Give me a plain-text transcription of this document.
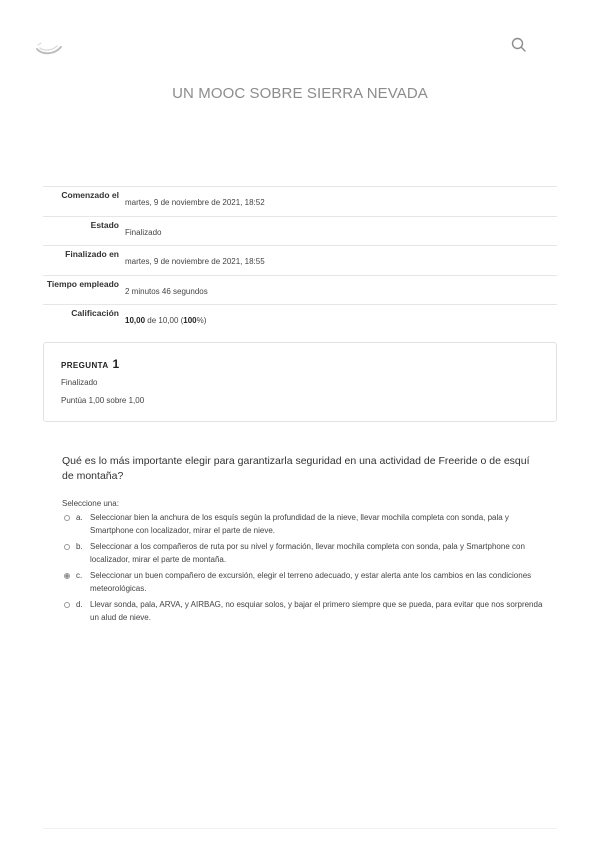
UN MOOC SOBRE SIERRA NEVADA
Comenzado el
martes, 9 de noviembre de 2021, 18:52
Estado
Finalizado
Finalizado en
martes, 9 de noviembre de 2021, 18:55
Tiempo empleado
2 minutos 46 segundos
Calificación
10,00 de 10,00 (100%)
PREGUNTA 1
Finalizado
Puntúa 1,00 sobre 1,00
Qué es lo más importante elegir para garantizarla seguridad en una actividad de Freeride o de esquí de montaña?
Seleccione una:
a. Seleccionar bien la anchura de los esquís según la profundidad de la nieve, llevar mochila completa con sonda, pala y Smartphone con localizador, mirar el parte de nieve.
b. Seleccionar a los compañeros de ruta por su nivel y formación, llevar mochila completa con sonda, pala y Smartphone con localizador, mirar el parte de montaña.
c. Seleccionar un buen compañero de excursión, elegir el terreno adecuado, y estar alerta ante los cambios en las condiciones meteorológicas.
d. Llevar sonda, pala, ARVA, y AIRBAG, no esquiar solos, y bajar el primero siempre que se pueda, para evitar que nos sorprenda un alud de nieve.
